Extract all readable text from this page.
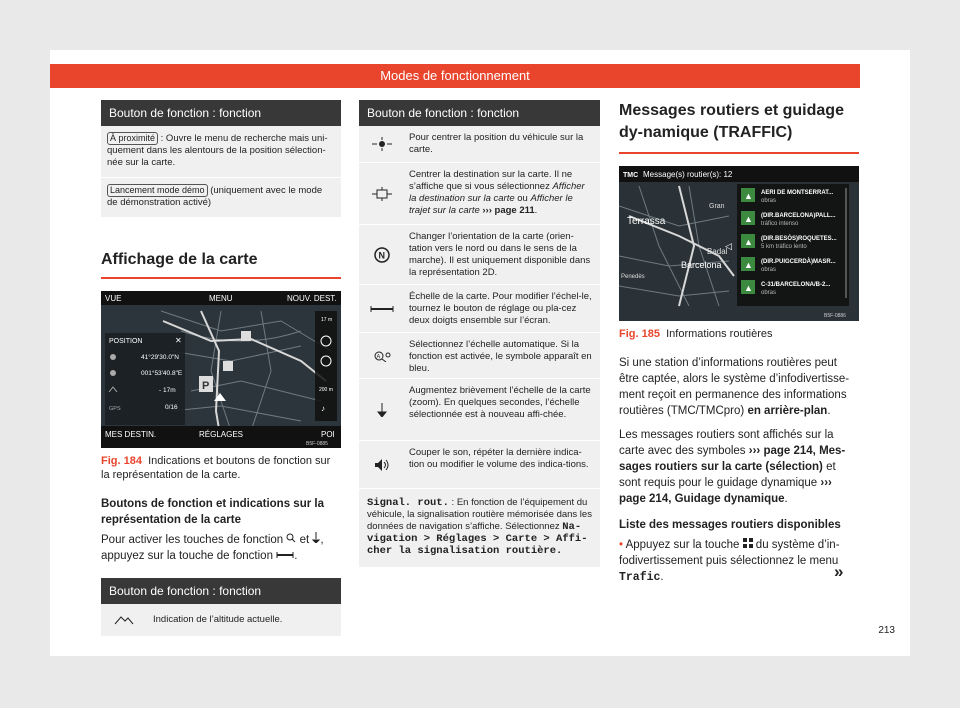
Modes de fonctionnement
Bouton de fonction : fonction
À proximité : Ouvre le menu de recherche mais uni-quement dans les alentours de la position sélection-née sur la carte.
Lancement mode démo (uniquement avec le mode de démonstration activé)
Affichage de la carte
VUE	MENU	NOUV. DEST.
MES DESTIN.	RÉGLAGES	POI
B5F-0885
POSITION	✕
41°29'30.0"N
001°53'40.8"E
- 17m
GPS	0/16
P
17 m
200 m
♪
Fig. 184 Indications et boutons de fonction sur la représentation de la carte.
Boutons de fonction et indications sur la représentation de la carte
Pour activer les touches de fonction et , appuyez sur la touche de fonction .
Bouton de fonction : fonction
Indication de l’altitude actuelle.
Bouton de fonction : fonction
Pour centrer la position du véhicule sur la carte.
Centrer la destination sur la carte. Il ne s’affiche que si vous sélectionnez Afficher la destination sur la carte ou Afficher le trajet sur la carte ››› page 211.
N
Changer l’orientation de la carte (orien-tation vers le nord ou dans le sens de la marche). Il est uniquement disponible dans la représentation 2D.
Échelle de la carte. Pour modifier l’échel-le, tournez le bouton de réglage ou pla-cez deux doigts ensemble sur l’écran.
A
Sélectionnez l’échelle automatique. Si la fonction est activée, le symbole apparaît en bleu.
Augmentez brièvement l’échelle de la carte (zoom). En quelques secondes, l’échelle sélectionnée est à nouveau affi-chée.
Couper le son, répéter la dernière indica-tion ou modifier le volume des indica-tions.
Signal. rout. : En fonction de l’équipement du véhicule, la signalisation routière mémorisée dans les données de navigation s’affiche. Sélectionnez Na-vigation > Réglages > Carte > Affi-cher la signalisation routière.
Messages routiers et guidage dy-namique (TRAFFIC)
TMC Message(s) routier(s): 12
Terrassa
Gran
Barcelona
Penedès
Badal
◁
▲ AERI DE MONTSERRAT...
obras
▲ (DIR.BARCELONA)PALL...
tráfico intenso
▲ (DIR.BESÒS)ROQUETES...
5 km tráfico lento
▲ (DIR.PUIGCERDÀ)MASR...
obras
▲ C-31/BARCELONA/B-2...
obras
B5F-0886
Fig. 185 Informations routières
Si une station d’informations routières peut être captée, alors le système d’infodivertisse-ment reçoit en permanence des informations routières (TMC/TMCpro) en arrière-plan.
Les messages routiers sont affichés sur la carte avec des symboles ››› page 214, Mes-sages routiers sur la carte (sélection) et sont requis pour le guidage dynamique ››› page 214, Guidage dynamique.
Liste des messages routiers disponibles
• Appuyez sur la touche du système d’in-fodivertissement puis sélectionnez le menu Trafic.	»
213
